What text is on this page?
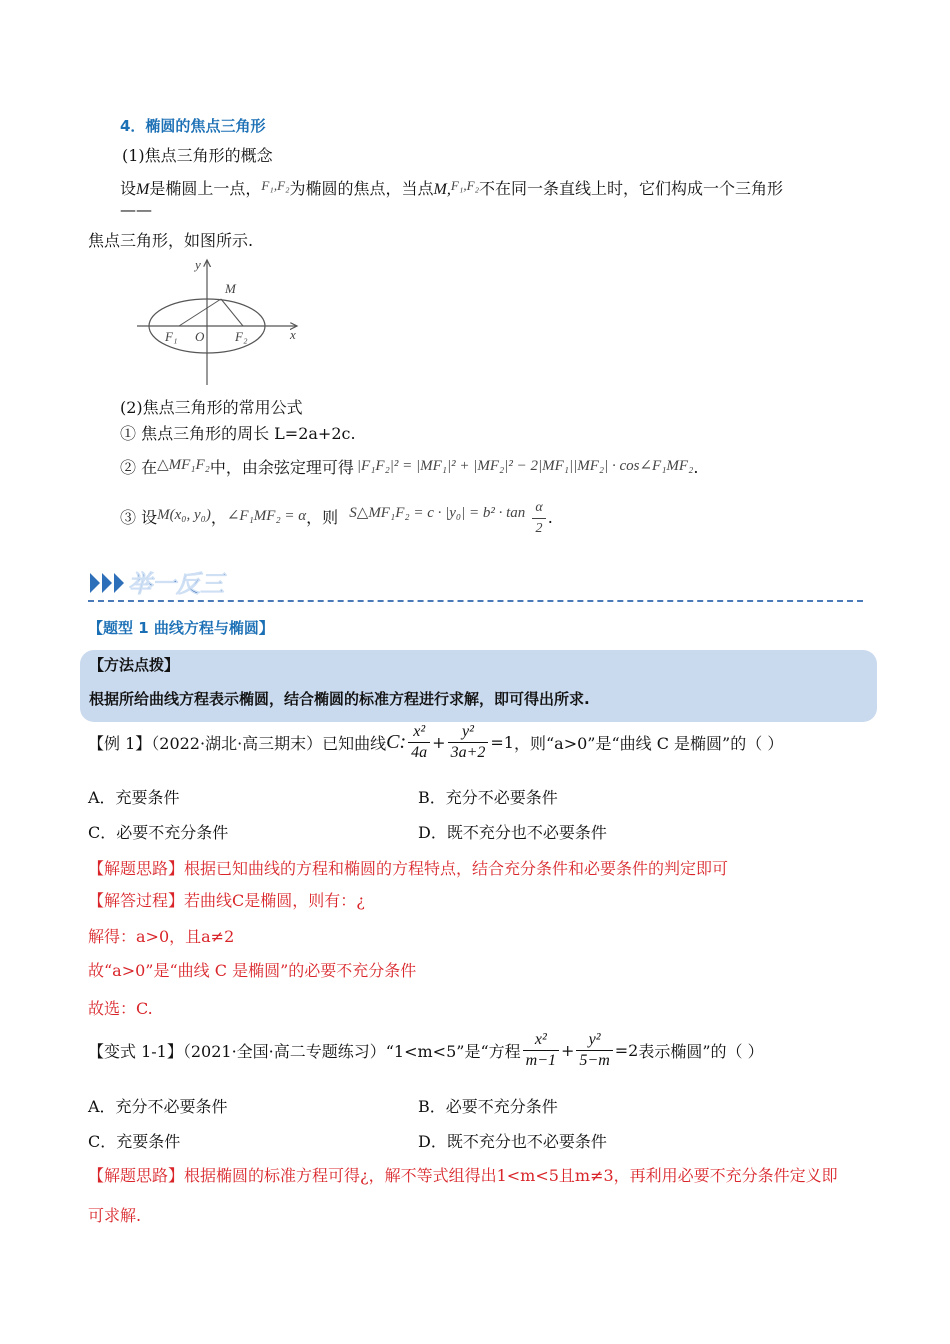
4．椭圆的焦点三角形
(1)焦点三角形的概念
设M是椭圆上一点，$^{F_1,F_2}$为椭圆的焦点，当点M,$^{F_1,F_2}$不在同一条直线上时，它们构成一个三角形
——
焦点三角形，如图所示.
y
x
M
O
F₁	F₂
(2)焦点三角形的常用公式
① 焦点三角形的周长 L=2a+2c.
② 在△MF₁F₂中，由余弦定理可得 |F₁F₂|² = |MF₁|² + |MF₂|² − 2|MF₁||MF₂| · cos∠F₁MF₂.
③ 设M(x₀, y₀)，∠F₁MF₂ = α，则 S△MF₁F₂ = $c \cdot |y_0| = b^2 \cdot \tan \frac{\alpha}{2}$ .
举一反三
【题型 1 曲线方程与椭圆】
【方法点拨】
根据所给曲线方程表示椭圆，结合椭圆的标准方程进行求解，即可得出所求.
【例 1】（2022·湖北·高三期末）已知曲线C: $\frac{\text{x²}}{4a} + \frac{\text{y²}}{3a+2} =1$，则“a>0”是“曲线 C 是椭圆”的（ ）
A．充要条件	B．充分不必要条件
C．必要不充分条件	D．既不充分也不必要条件
【解题思路】根据已知曲线的方程和椭圆的方程特点，结合充分条件和必要条件的判定即可
【解答过程】若曲线C是椭圆，则有：¿
解得：a>0，且a≠2
故“a>0”是“曲线 C 是椭圆”的必要不充分条件
故选：C.
【变式 1-1】（2021·全国·高二专题练习）“1<m<5”是“方程 $\frac{\text{x²}}{m-1} + \frac{\text{y²}}{5-m} =2$表示椭圆”的（ ）
A．充分不必要条件	B．必要不充分条件
C．充要条件	D．既不充分也不必要条件
【解题思路】根据椭圆的标准方程可得¿，解不等式组得出1<m<5且m≠3，再利用必要不充分条件定义即
可求解.
